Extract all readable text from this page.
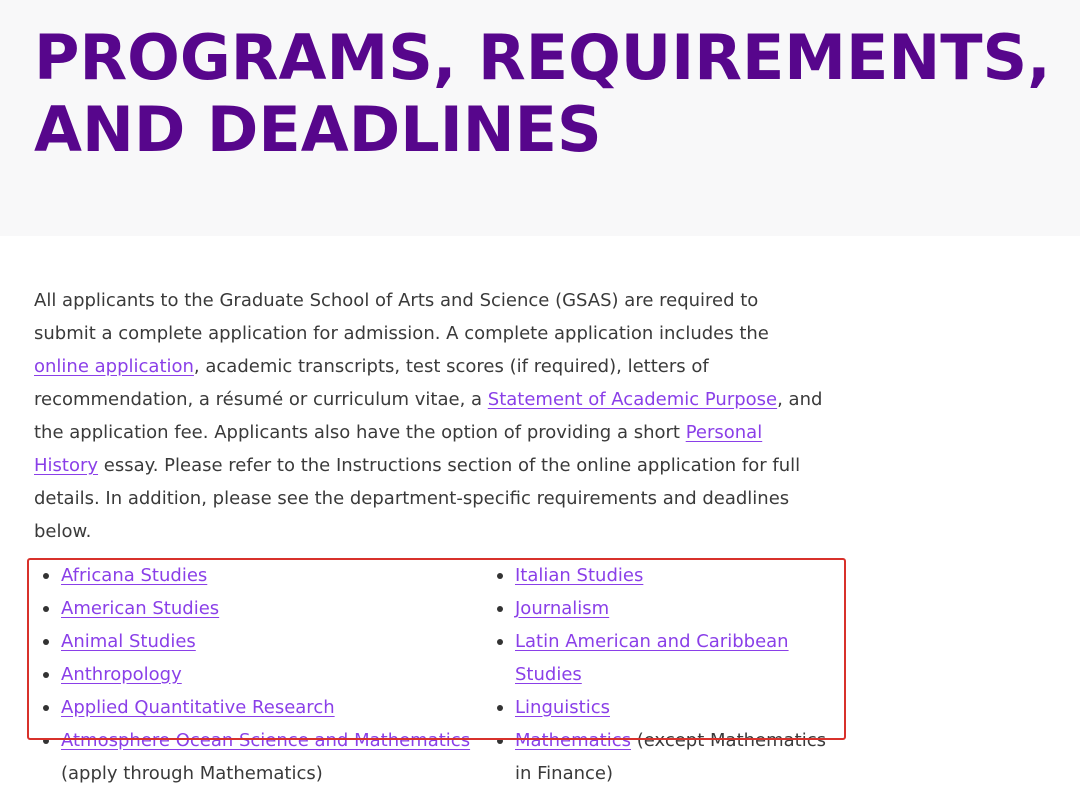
PROGRAMS, REQUIREMENTS,
AND DEADLINES

All applicants to the Graduate School of Arts and Science (GSAS) are required to submit a complete application for admission. A complete application includes the online application, academic transcripts, test scores (if required), letters of recommendation, a résumé or curriculum vitae, a Statement of Academic Purpose, and the application fee. Applicants also have the option of providing a short Personal History essay. Please refer to the Instructions section of the online application for full details. In addition, please see the department-specific requirements and deadlines below.

Africana Studies
American Studies
Animal Studies
Anthropology
Applied Quantitative Research
Atmosphere Ocean Science and Mathematics (apply through Mathematics)
Italian Studies
Journalism
Latin American and Caribbean Studies
Linguistics
Mathematics (except Mathematics in Finance)
